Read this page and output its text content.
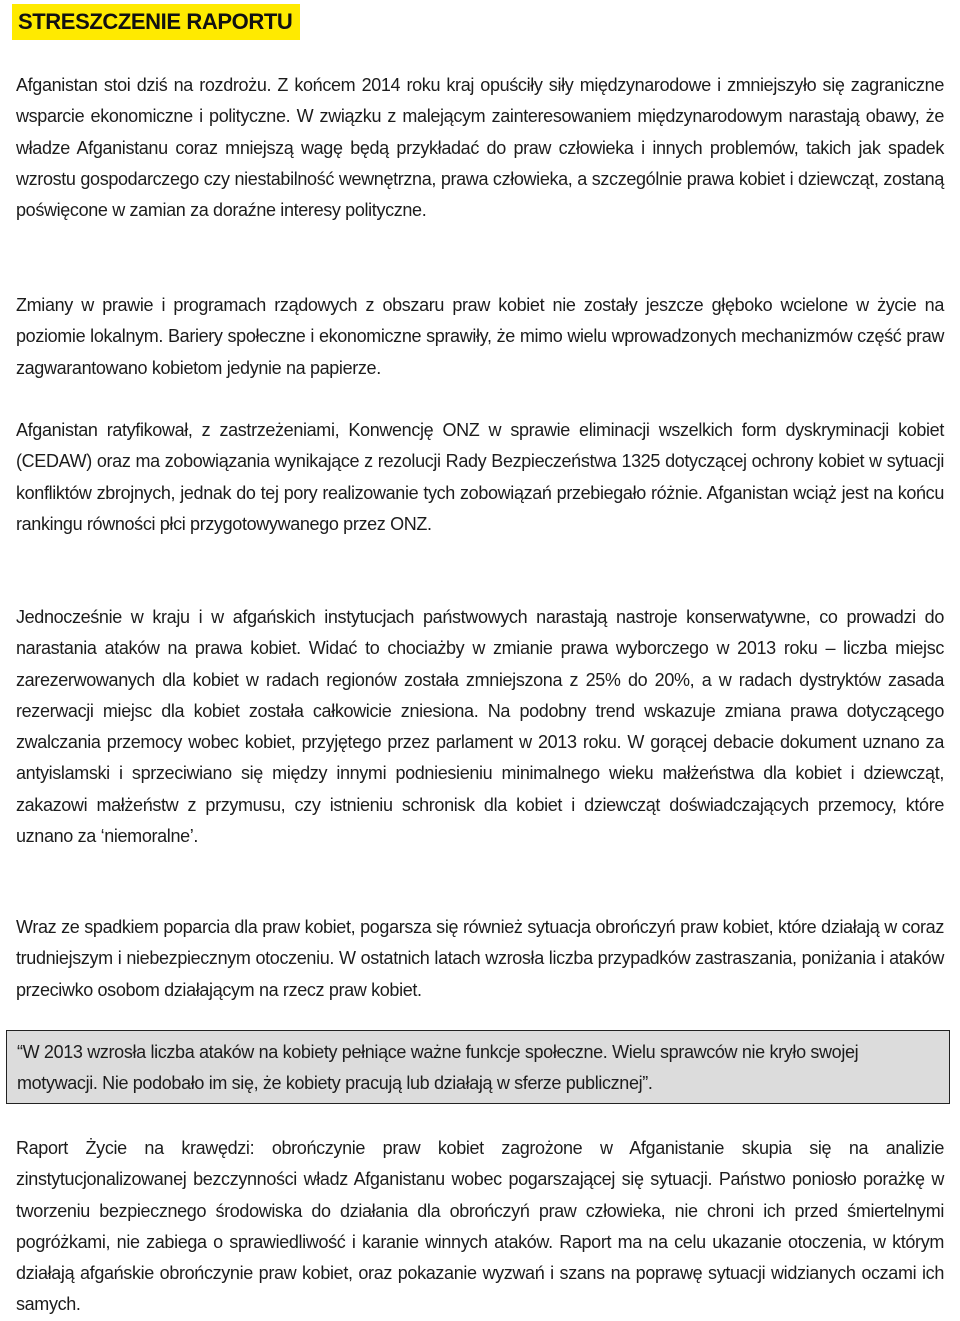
STRESZCZENIE RAPORTU

Afganistan stoi dziś na rozdrożu. Z końcem 2014 roku kraj opuściły siły międzynarodowe i zmniejszyło się zagraniczne wsparcie ekonomiczne i polityczne. W związku z malejącym zainteresowaniem międzynarodowym narastają obawy, że władze Afganistanu coraz mniejszą wagę będą przykładać do praw człowieka i innych problemów, takich jak spadek wzrostu gospodarczego czy niestabilność wewnętrzna, prawa człowieka, a szczególnie prawa kobiet i dziewcząt, zostaną poświęcone w zamian za doraźne interesy polityczne.

Zmiany w prawie i programach rządowych z obszaru praw kobiet nie zostały jeszcze głęboko wcielone w życie na poziomie lokalnym. Bariery społeczne i ekonomiczne sprawiły, że mimo wielu wprowadzonych mechanizmów część praw zagwarantowano kobietom jedynie na papierze.

Afganistan ratyfikował, z zastrzeżeniami, Konwencję ONZ w sprawie eliminacji wszelkich form dyskryminacji kobiet (CEDAW) oraz ma zobowiązania wynikające z rezolucji Rady Bezpieczeństwa 1325 dotyczącej ochrony kobiet w sytuacji konfliktów zbrojnych, jednak do tej pory realizowanie tych zobowiązań przebiegało różnie. Afganistan wciąż jest na końcu rankingu równości płci przygotowywanego przez ONZ.

Jednocześnie w kraju i w afgańskich instytucjach państwowych narastają nastroje konserwatywne, co prowadzi do narastania ataków na prawa kobiet. Widać to chociażby w zmianie prawa wyborczego w 2013 roku – liczba miejsc zarezerwowanych dla kobiet w radach regionów została zmniejszona z 25% do 20%, a w radach dystryktów zasada rezerwacji miejsc dla kobiet została całkowicie zniesiona. Na podobny trend wskazuje zmiana prawa dotyczącego zwalczania przemocy wobec kobiet, przyjętego przez parlament w 2013 roku. W gorącej debacie dokument uznano za antyislamski i sprzeciwiano się między innymi podniesieniu minimalnego wieku małżeństwa dla kobiet i dziewcząt, zakazowi małżeństw z przymusu, czy istnieniu schronisk dla kobiet i dziewcząt doświadczających przemocy, które uznano za ‘niemoralne’.

Wraz ze spadkiem poparcia dla praw kobiet, pogarsza się również sytuacja obrończyń praw kobiet, które działają w coraz trudniejszym i niebezpiecznym otoczeniu. W ostatnich latach wzrosła liczba przypadków zastraszania, poniżania i ataków przeciwko osobom działającym na rzecz praw kobiet.

“W 2013 wzrosła liczba ataków na kobiety pełniące ważne funkcje społeczne. Wielu sprawców nie kryło swojej motywacji. Nie podobało im się, że kobiety pracują lub działają w sferze publicznej”.

Raport Życie na krawędzi: obrończynie praw kobiet zagrożone w Afganistanie skupia się na analizie zinstytucjonalizowanej bezczynności władz Afganistanu wobec pogarszającej się sytuacji. Państwo poniosło porażkę w tworzeniu bezpiecznego środowiska do działania dla obrończyń praw człowieka, nie chroni ich przed śmiertelnymi pogróżkami, nie zabiega o sprawiedliwość i karanie winnych ataków. Raport ma na celu ukazanie otoczenia, w którym działają afgańskie obrończynie praw kobiet, oraz pokazanie wyzwań i szans na poprawę sytuacji widzianych oczami ich samych.
